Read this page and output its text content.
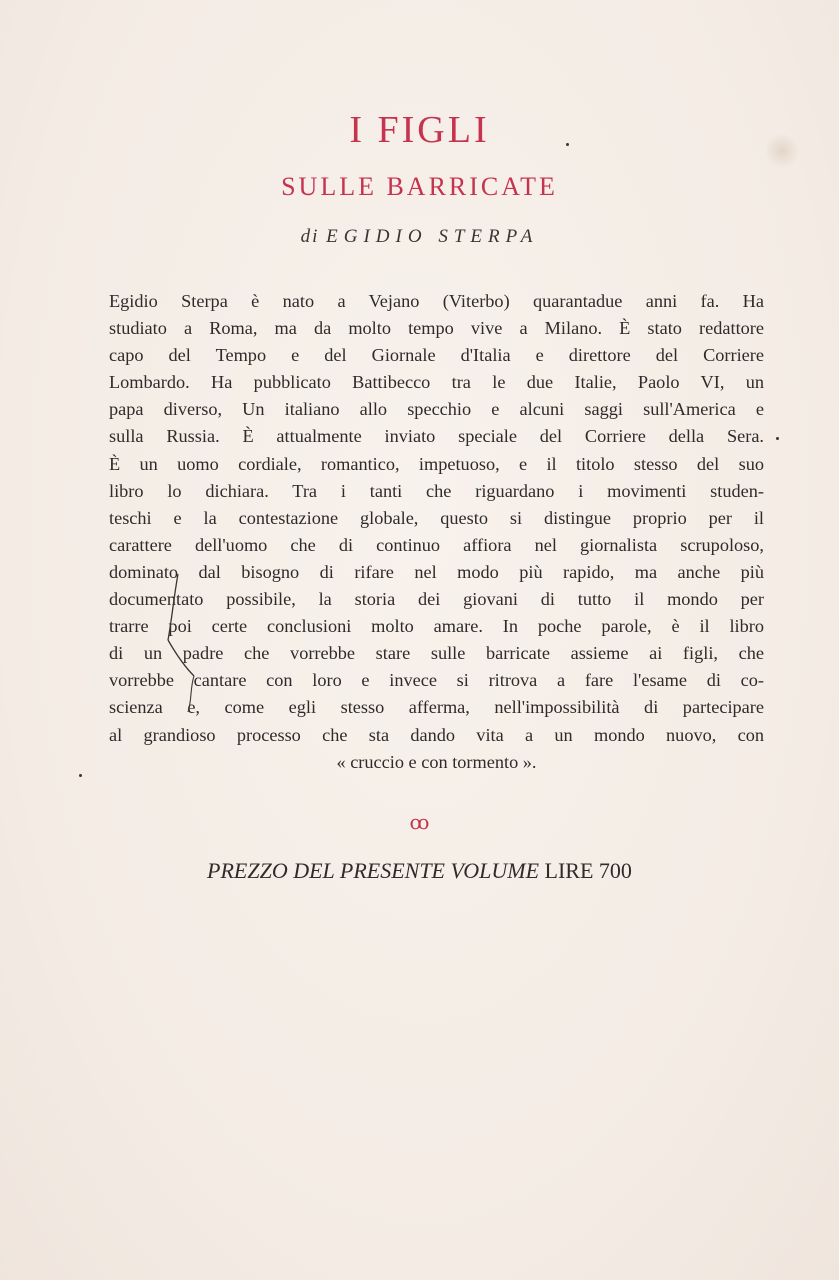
I FIGLI
SULLE BARRICATE
di EGIDIO STERPA
Egidio Sterpa è nato a Vejano (Viterbo) quarantadue anni fa. Ha
studiato a Roma, ma da molto tempo vive a Milano. È stato redattore
capo del Tempo e del Giornale d'Italia e direttore del Corriere
Lombardo. Ha pubblicato Battibecco tra le due Italie, Paolo VI, un
papa diverso, Un italiano allo specchio e alcuni saggi sull'America e
sulla Russia. È attualmente inviato speciale del Corriere della Sera.
È un uomo cordiale, romantico, impetuoso, e il titolo stesso del suo
libro lo dichiara. Tra i tanti che riguardano i movimenti studen-
teschi e la contestazione globale, questo si distingue proprio per il
carattere dell'uomo che di continuo affiora nel giornalista scrupoloso,
dominato dal bisogno di rifare nel modo più rapido, ma anche più
documentato possibile, la storia dei giovani di tutto il mondo per
trarre poi certe conclusioni molto amare. In poche parole, è il libro
di un padre che vorrebbe stare sulle barricate assieme ai figli, che
vorrebbe cantare con loro e invece si ritrova a fare l'esame di co-
scienza e, come egli stesso afferma, nell'impossibilità di partecipare
al grandioso processo che sta dando vita a un mondo nuovo, con
« cruccio e con tormento ».
ꝏ
PREZZO DEL PRESENTE VOLUME LIRE 700
